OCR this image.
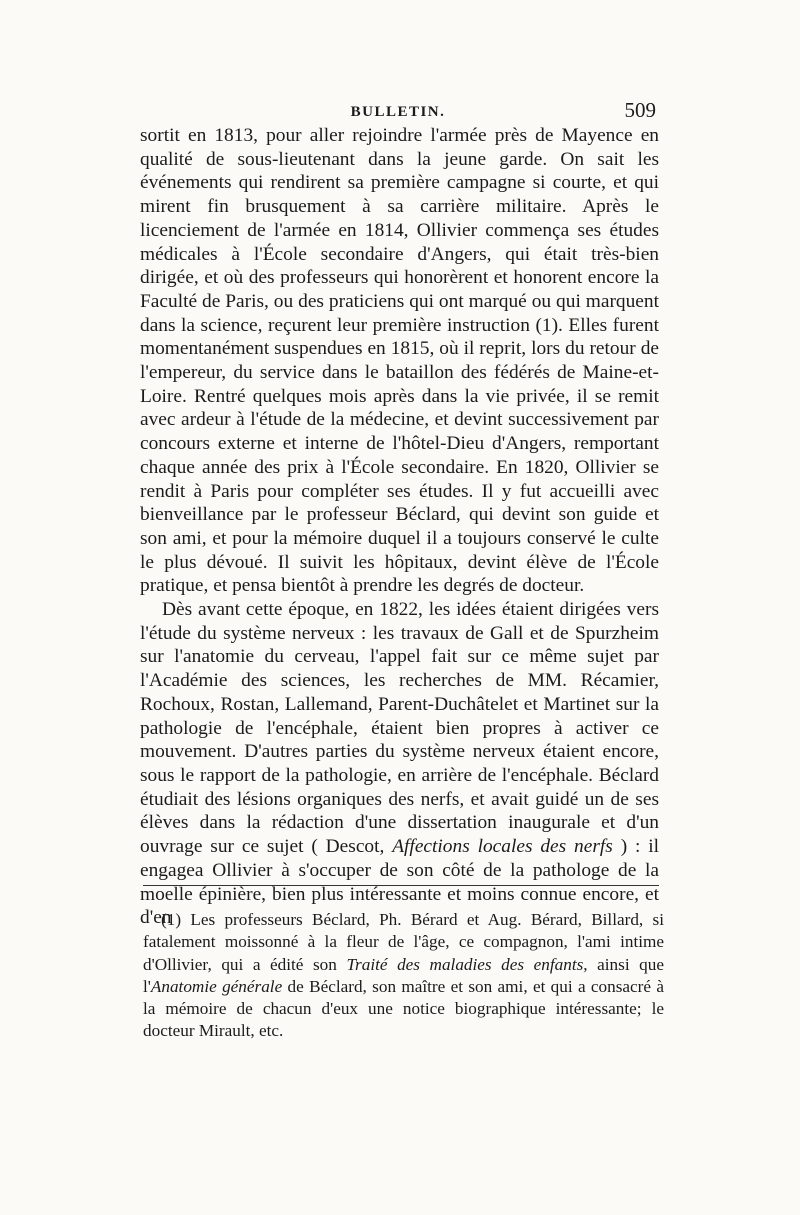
BULLETIN.	509

sortit en 1813, pour aller rejoindre l'armée près de Mayence en qualité de sous-lieutenant dans la jeune garde. On sait les événements qui rendirent sa première campagne si courte, et qui mirent fin brusquement à sa carrière militaire. Après le licenciement de l'armée en 1814, Ollivier commença ses études médicales à l'École secondaire d'Angers, qui était très-bien dirigée, et où des professeurs qui honorèrent et honorent encore la Faculté de Paris, ou des praticiens qui ont marqué ou qui marquent dans la science, reçurent leur première instruction (1). Elles furent momentanément suspendues en 1815, où il reprit, lors du retour de l'empereur, du service dans le bataillon des fédérés de Maine-et-Loire. Rentré quelques mois après dans la vie privée, il se remit avec ardeur à l'étude de la médecine, et devint successivement par concours externe et interne de l'hôtel-Dieu d'Angers, remportant chaque année des prix à l'École secondaire. En 1820, Ollivier se rendit à Paris pour compléter ses études. Il y fut accueilli avec bienveillance par le professeur Béclard, qui devint son guide et son ami, et pour la mémoire duquel il a toujours conservé le culte le plus dévoué. Il suivit les hôpitaux, devint élève de l'École pratique, et pensa bientôt à prendre les degrés de docteur.

Dès avant cette époque, en 1822, les idées étaient dirigées vers l'étude du système nerveux : les travaux de Gall et de Spurzheim sur l'anatomie du cerveau, l'appel fait sur ce même sujet par l'Académie des sciences, les recherches de MM. Récamier, Rochoux, Rostan, Lallemand, Parent-Duchâtelet et Martinet sur la pathologie de l'encéphale, étaient bien propres à activer ce mouvement. D'autres parties du système nerveux étaient encore, sous le rapport de la pathologie, en arrière de l'encéphale. Béclard étudiait des lésions organiques des nerfs, et avait guidé un de ses élèves dans la rédaction d'une dissertation inaugurale et d'un ouvrage sur ce sujet ( Descot, Affections locales des nerfs ) : il engagea Ollivier à s'occuper de son côté de la pathologe de la moelle épinière, bien plus intéressante et moins connue encore, et d'en

(1) Les professeurs Béclard, Ph. Bérard et Aug. Bérard, Billard, si fatalement moissonné à la fleur de l'âge, ce compagnon, l'ami intime d'Ollivier, qui a édité son Traité des maladies des enfants, ainsi que l'Anatomie générale de Béclard, son maître et son ami, et qui a consacré à la mémoire de chacun d'eux une notice biographique intéressante; le docteur Mirault, etc.
